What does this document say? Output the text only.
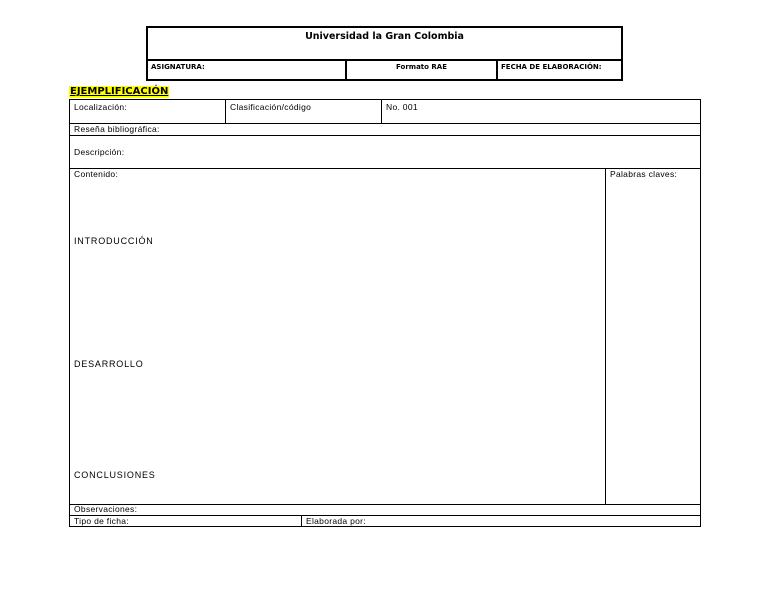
Universidad la Gran Colombia
ASIGNATURA:	Formato RAE	FECHA DE ELABORACIÓN:
EJEMPLIFICACIÓN
Localización:	Clasificación/código	No. 001
Reseña bibliográfica:
Descripción:
Contenido:	Palabras claves:
INTRODUCCIÓN
DESARROLLO
CONCLUSIONES
Observaciones:
Tipo de ficha:	Elaborada por:
